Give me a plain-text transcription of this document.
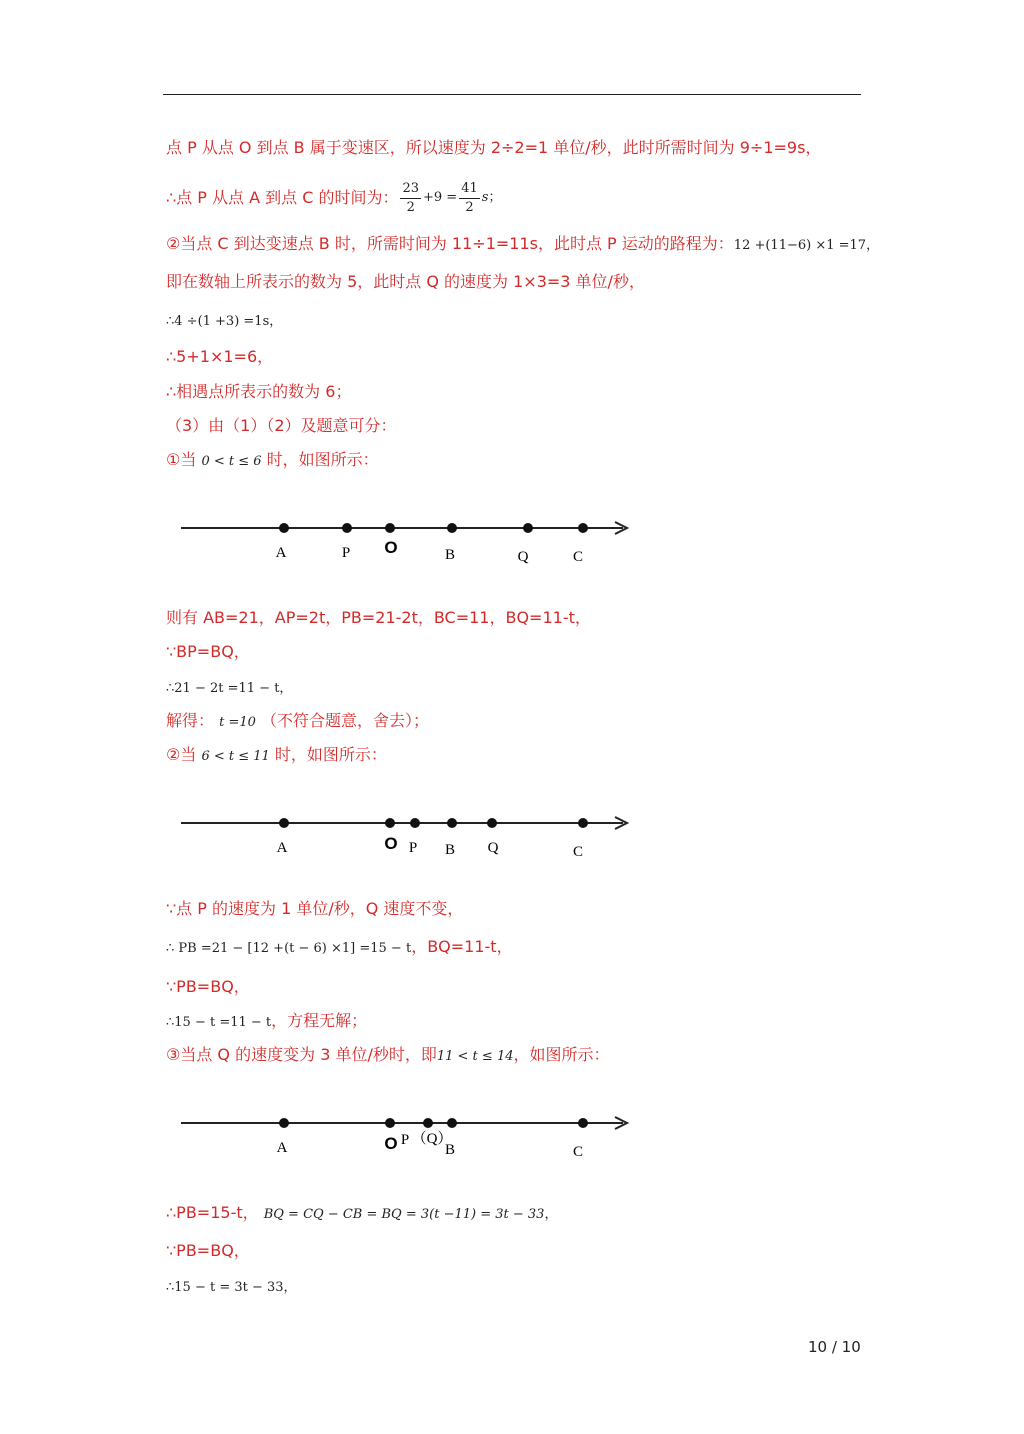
点 P 从点 O 到点 B 属于变速区，所以速度为 2÷2=1 单位/秒，此时所需时间为 9÷1=9s，
∴点 P 从点 A 到点 C 的时间为： $\frac{23}{2} +9 = \frac{41}{2}$ s ；
②当点 C 到达变速点 B 时，所需时间为 11÷1=11s，此时点 P 运动的路程为：12 +(11−6) ×1 =17，
即在数轴上所表示的数为 5，此时点 Q 的速度为 1×3=3 单位/秒，
∴4 ÷(1 +3) =1s，
∴5+1×1=6，
∴相遇点所表示的数为 6；
（3）由（1）（2）及题意可分：
①当 0 < t ≤ 6 时，如图所示：
A	P O	B	Q	C
则有 AB=21，AP=2t，PB=21-2t，BC=11，BQ=11-t，
∵BP=BQ，
∴21 − 2t =11 − t，
解得： t =10 （不符合题意，舍去）；
②当 6 < t ≤ 11 时，如图所示：
A	O P B Q	C
∵点 P 的速度为 1 单位/秒，Q 速度不变，
∴ PB =21 − [12 +(t − 6) ×1] =15 − t，BQ=11-t，
∵PB=BQ，
∴15 − t =11 − t，方程无解；
③当点 Q 的速度变为 3 单位/秒时，即11 < t ≤ 14，如图所示：
A	O P （Q）
B	C
∴PB=15-t， BQ = CQ − CB = BQ = 3(t −11) = 3t − 33，
∵PB=BQ，
∴15 − t = 3t − 33，
10 / 10
